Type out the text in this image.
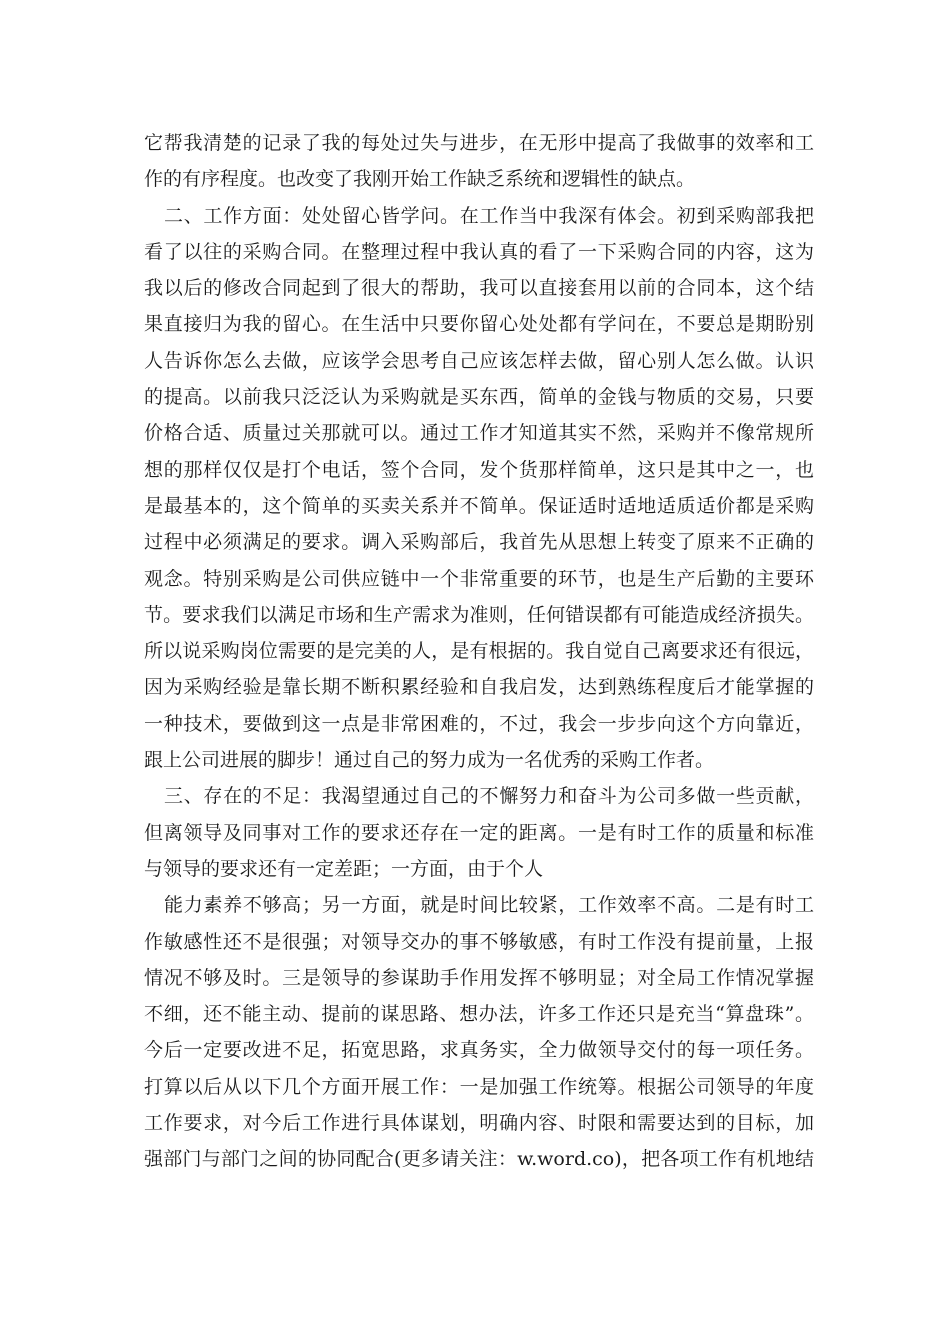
它帮我清楚的记录了我的每处过失与进步，在无形中提高了我做事的效率和工
作的有序程度。也改变了我刚开始工作缺乏系统和逻辑性的缺点。
二、工作方面：处处留心皆学问。在工作当中我深有体会。初到采购部我把
看了以往的采购合同。在整理过程中我认真的看了一下采购合同的内容，这为
我以后的修改合同起到了很大的帮助，我可以直接套用以前的合同本，这个结
果直接归为我的留心。在生活中只要你留心处处都有学问在，不要总是期盼别
人告诉你怎么去做，应该学会思考自己应该怎样去做，留心别人怎么做。认识
的提高。以前我只泛泛认为采购就是买东西，简单的金钱与物质的交易，只要
价格合适、质量过关那就可以。通过工作才知道其实不然，采购并不像常规所
想的那样仅仅是打个电话，签个合同，发个货那样简单，这只是其中之一，也
是最基本的，这个简单的买卖关系并不简单。保证适时适地适质适价都是采购
过程中必须满足的要求。调入采购部后，我首先从思想上转变了原来不正确的
观念。特别采购是公司供应链中一个非常重要的环节，也是生产后勤的主要环
节。要求我们以满足市场和生产需求为准则，任何错误都有可能造成经济损失。
所以说采购岗位需要的是完美的人，是有根据的。我自觉自己离要求还有很远，
因为采购经验是靠长期不断积累经验和自我启发，达到熟练程度后才能掌握的
一种技术，要做到这一点是非常困难的，不过，我会一步步向这个方向靠近，
跟上公司进展的脚步！通过自己的努力成为一名优秀的采购工作者。
三、存在的不足：我渴望通过自己的不懈努力和奋斗为公司多做一些贡献，
但离领导及同事对工作的要求还存在一定的距离。一是有时工作的质量和标准
与领导的要求还有一定差距；一方面，由于个人
能力素养不够高；另一方面，就是时间比较紧，工作效率不高。二是有时工
作敏感性还不是很强；对领导交办的事不够敏感，有时工作没有提前量，上报
情况不够及时。三是领导的参谋助手作用发挥不够明显；对全局工作情况掌握
不细，还不能主动、提前的谋思路、想办法，许多工作还只是充当“算盘珠”。
今后一定要改进不足，拓宽思路，求真务实，全力做领导交付的每一项任务。
打算以后从以下几个方面开展工作：一是加强工作统筹。根据公司领导的年度
工作要求，对今后工作进行具体谋划，明确内容、时限和需要达到的目标，加
强部门与部门之间的协同配合(更多请关注：w.word.co)，把各项工作有机地结
